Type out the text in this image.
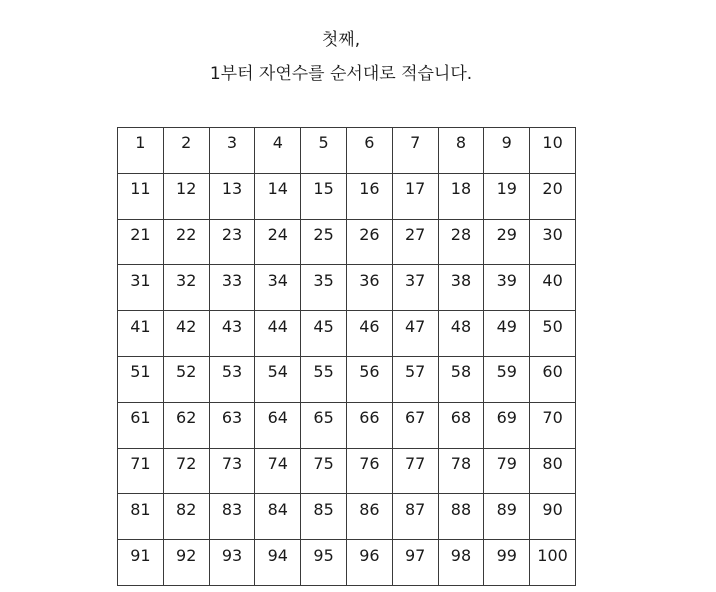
첫째,

1부터 자연수를 순서대로 적습니다.

1	2	3	4	5	6	7	8	9	10
11	12	13	14	15	16	17	18	19	20
21	22	23	24	25	26	27	28	29	30
31	32	33	34	35	36	37	38	39	40
41	42	43	44	45	46	47	48	49	50
51	52	53	54	55	56	57	58	59	60
61	62	63	64	65	66	67	68	69	70
71	72	73	74	75	76	77	78	79	80
81	82	83	84	85	86	87	88	89	90
91	92	93	94	95	96	97	98	99	100
